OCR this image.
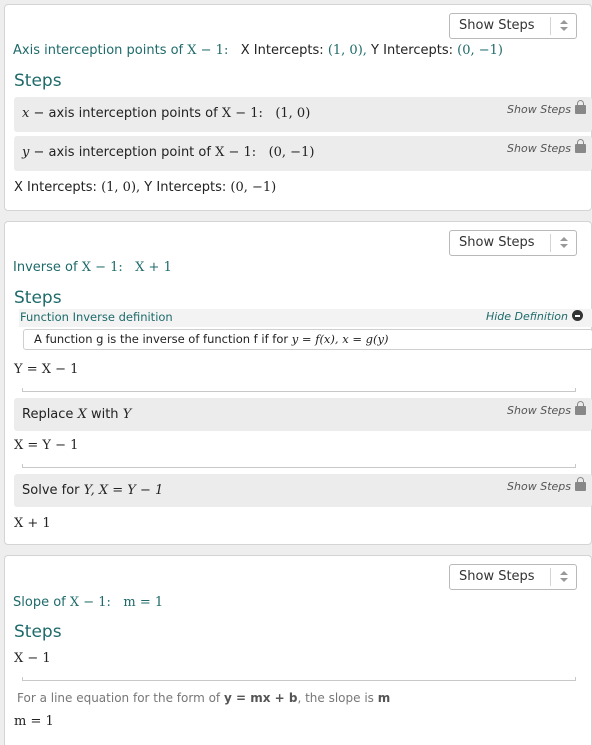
Show Steps
Axis interception points of X − 1: X Intercepts: (1, 0), Y Intercepts: (0, −1)
Steps
x − axis interception points of X − 1: (1, 0)	Show Steps
y − axis interception point of X − 1: (0, −1)	Show Steps
X Intercepts: (1, 0), Y Intercepts: (0, −1)
Show Steps
Inverse of X − 1: X + 1
Steps
Function Inverse definition	Hide Definition
A function g is the inverse of function f if for y = f(x), x = g(y)
Y = X − 1
Replace X with Y	Show Steps
X = Y − 1
Solve for Y, X = Y − 1	Show Steps
X + 1
Show Steps
Slope of X − 1: m = 1
Steps
X − 1
For a line equation for the form of y = mx + b, the slope is m
m = 1
